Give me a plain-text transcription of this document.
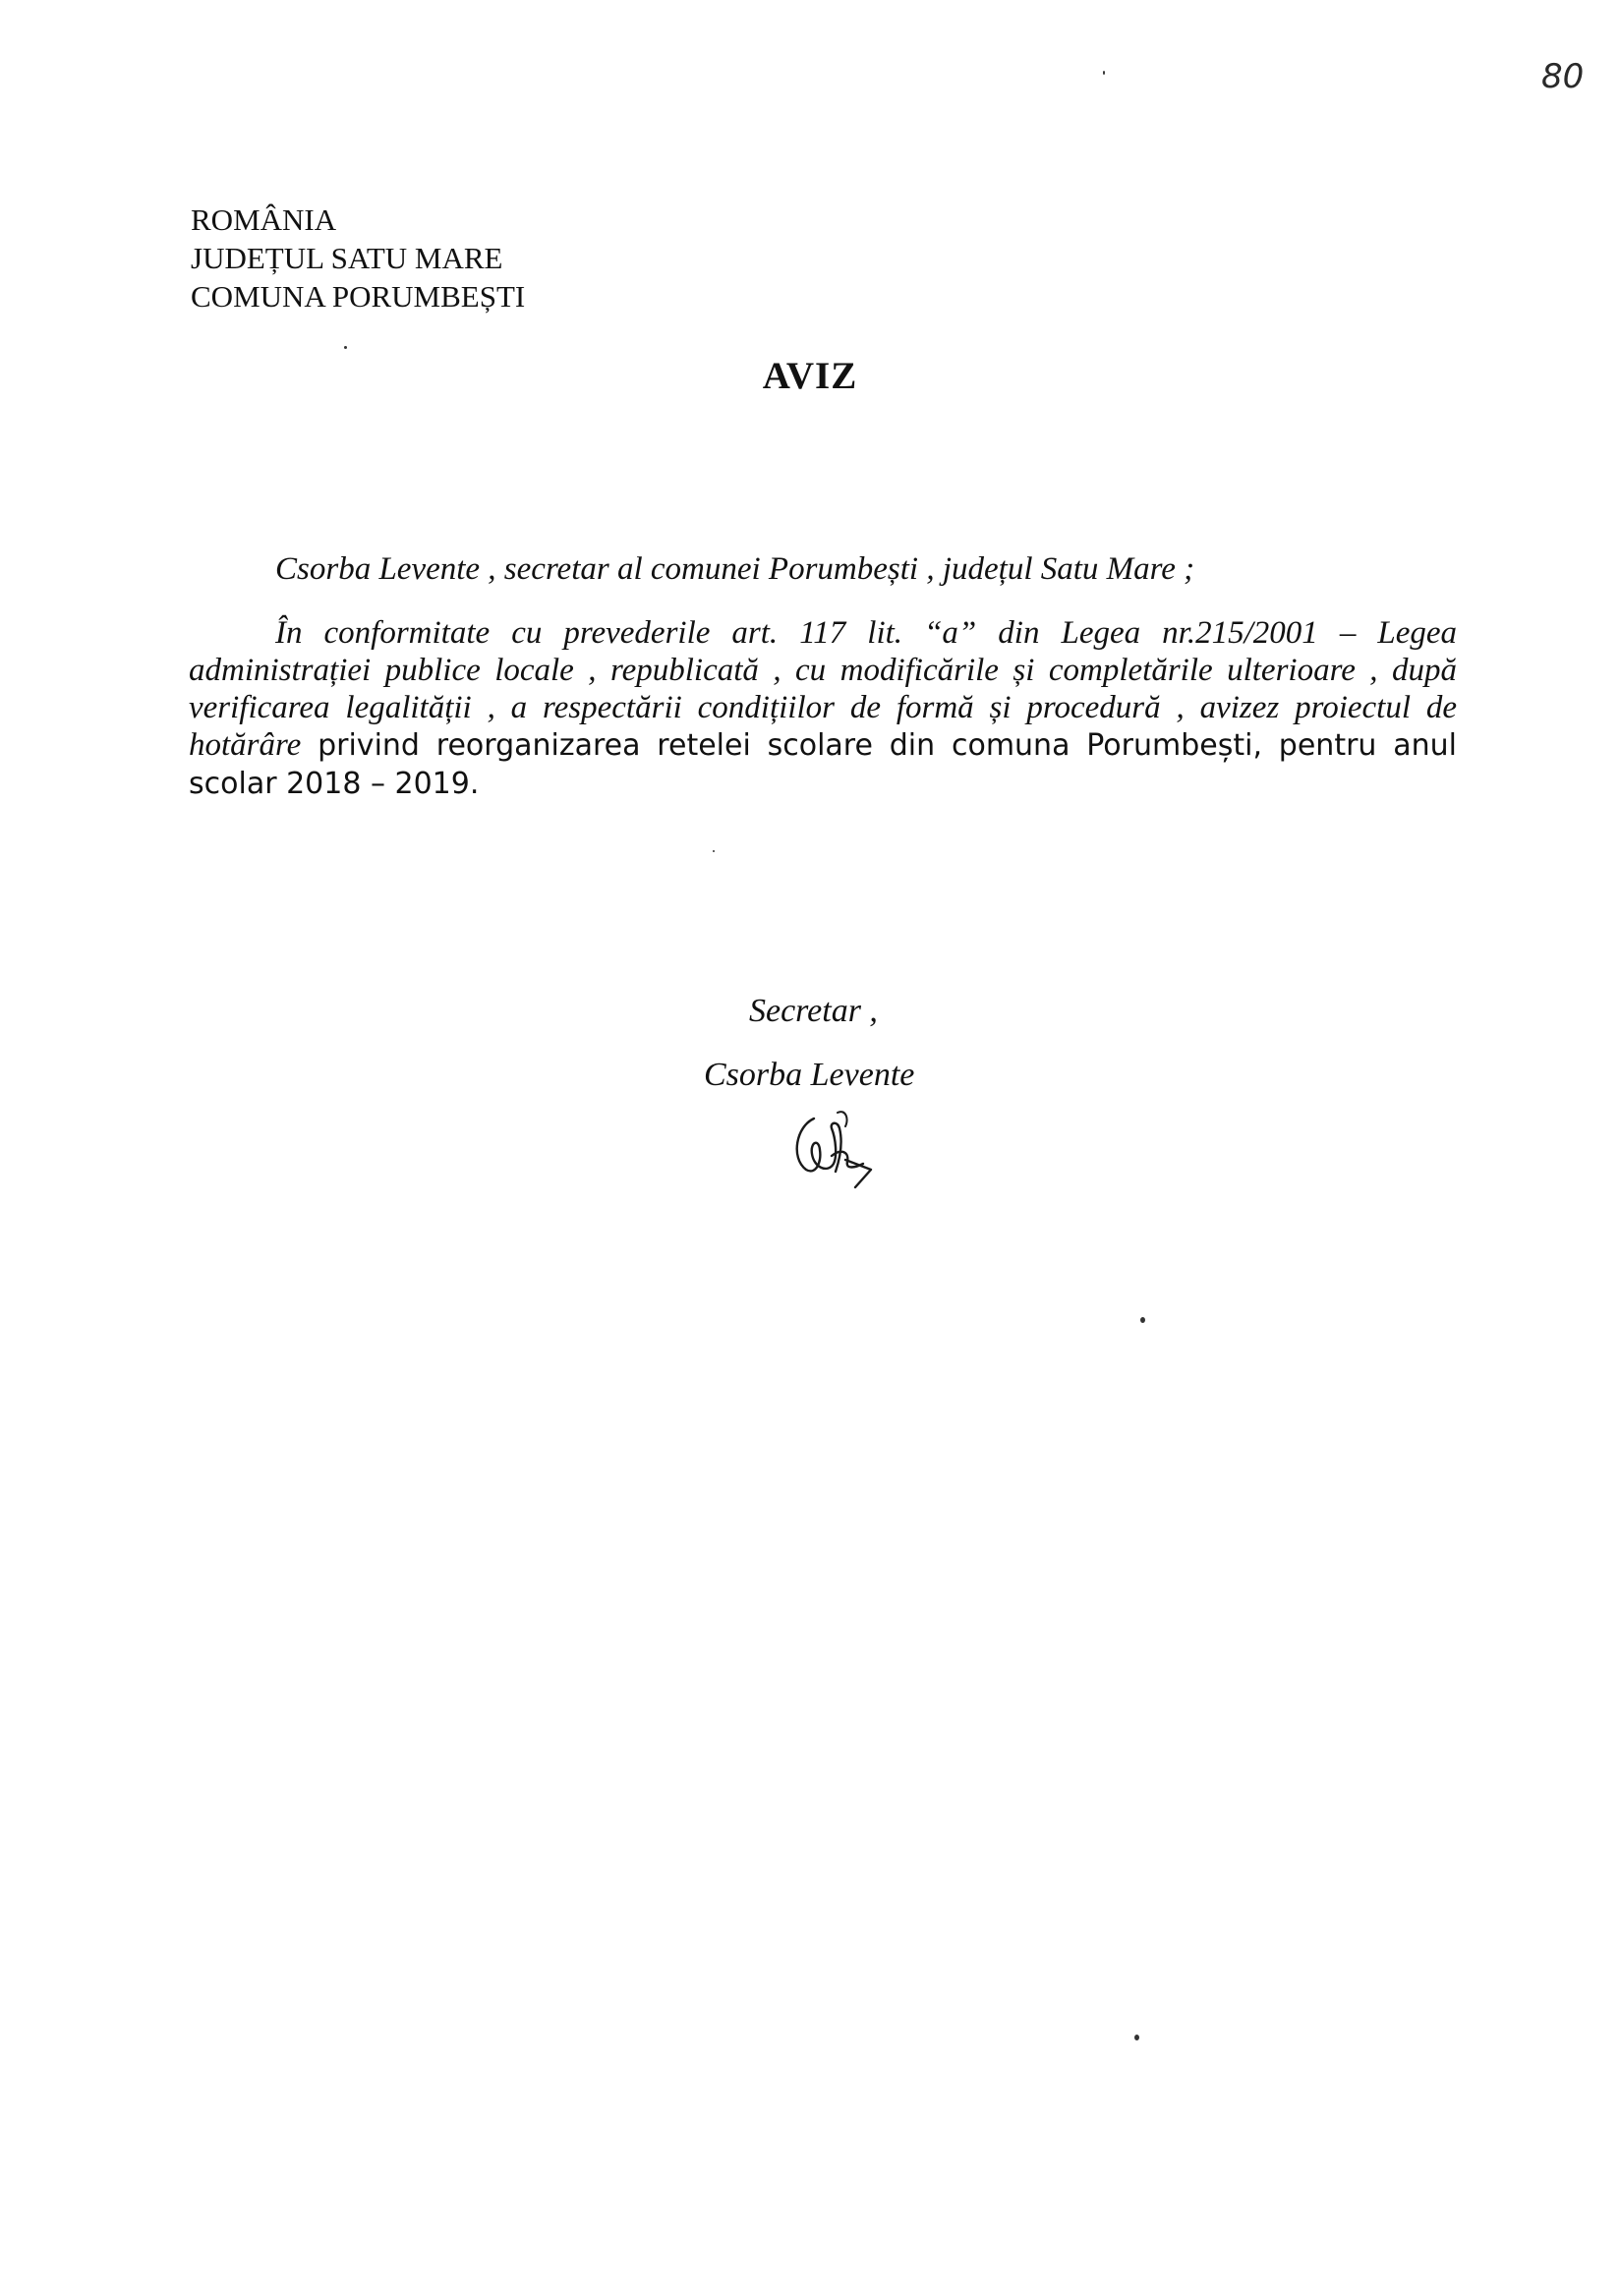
80
ROMÂNIA
JUDEȚUL SATU MARE
COMUNA PORUMBEȘTI
AVIZ
Csorba Levente , secretar al comunei Porumbești , județul Satu Mare ;
În conformitate cu prevederile art. 117 lit. “a” din Legea nr.215/2001 – Legea administrației publice locale , republicată , cu modificările și completările ulterioare , după verificarea legalității , a respectării condițiilor de formă și procedură , avizez proiectul de hotărâre privind reorganizarea retelei scolare din comuna Porumbești, pentru anul scolar 2018 – 2019.
Secretar ,
Csorba Levente
